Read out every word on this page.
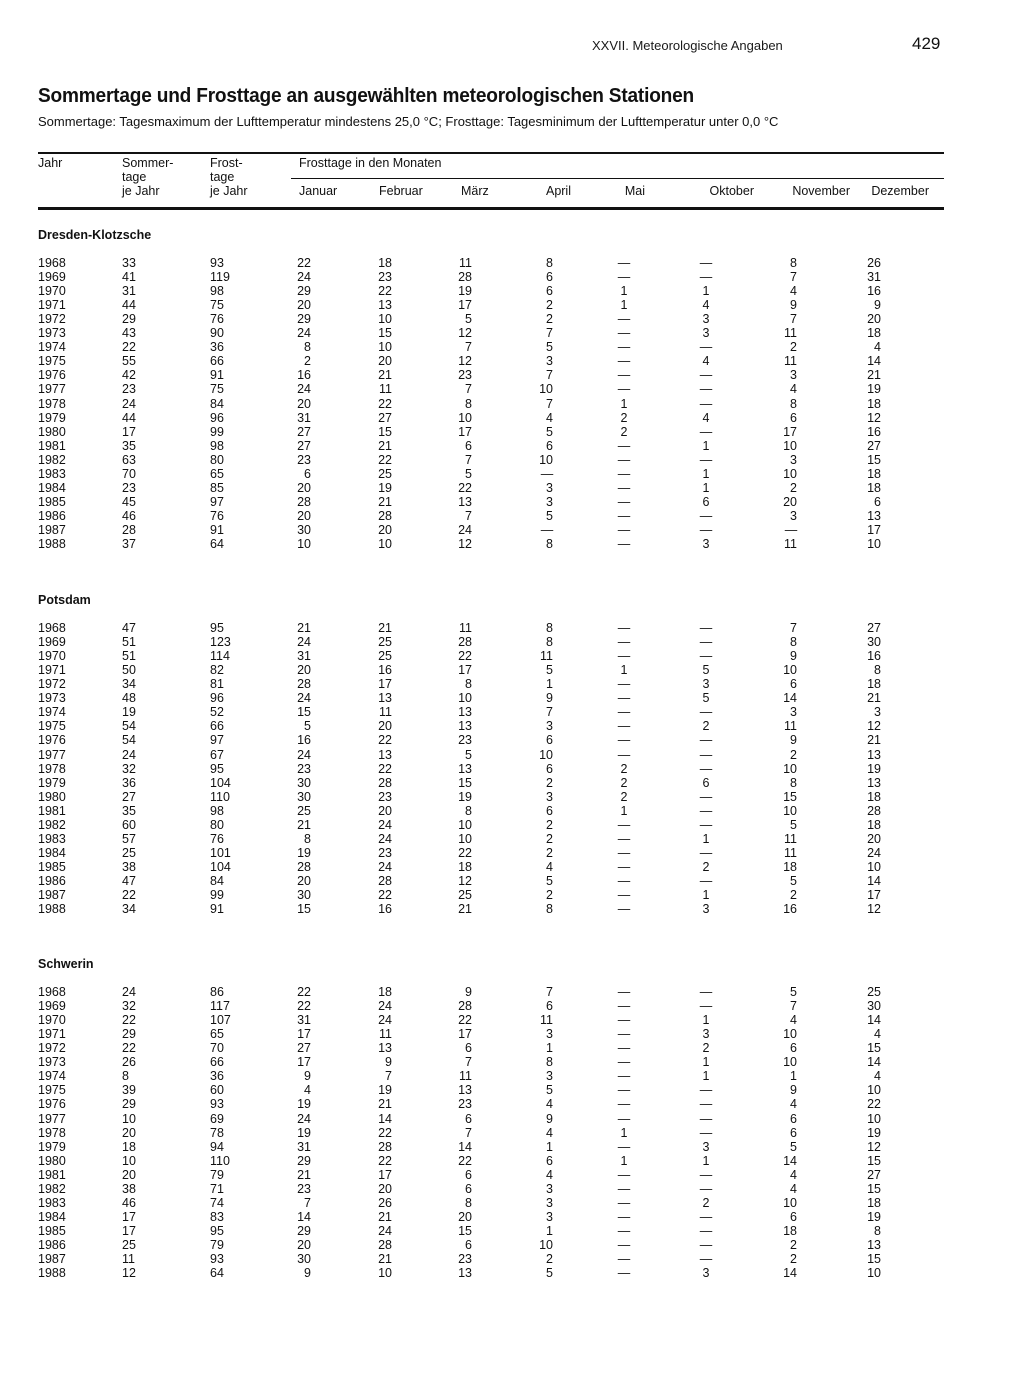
XXVII. Meteorologische Angaben	429
Sommertage und Frosttage an ausgewählten meteorologischen Stationen

Sommertage: Tagesmaximum der Lufttemperatur mindestens 25,0 °C; Frosttage: Tagesminimum der Lufttemperatur unter 0,0 °C

Jahr	Sommer-
tage
je Jahr
Frost-
tage
je Jahr
Frosttage in den Monaten
Januar	Februar	März	April	Mai	Oktober	November Dezember
Dresden-Klotzsche
1968	33	93	22	18	11	8	—	—	8	26
1969	41	119	24	23	28	6	—	—	7	31
1970	31	98	29	22	19	6	1	1	4	16
1971	44	75	20	13	17	2	1	4	9	9
1972	29	76	29	10	5	2	—	3	7	20
1973	43	90	24	15	12	7	—	3	11	18
1974	22	36	8	10	7	5	—	—	2	4
1975	55	66	2	20	12	3	—	4	11	14
1976	42	91	16	21	23	7	—	—	3	21
1977	23	75	24	11	7	10	—	—	4	19
1978	24	84	20	22	8	7	1	—	8	18
1979	44	96	31	27	10	4	2	4	6	12
1980	17	99	27	15	17	5	2	—	17	16
1981	35	98	27	21	6	6	—	1	10	27
1982	63	80	23	22	7	10	—	—	3	15
1983	70	65	6	25	5	—	—	1	10	18
1984	23	85	20	19	22	3	—	1	2	18
1985	45	97	28	21	13	3	—	6	20	6
1986	46	76	20	28	7	5	—	—	3	13
1987	28	91	30	20	24	—	—	—	—	17
1988	37	64	10	10	12	8	—	3	11	10
Potsdam
1968	47	95	21	21	11	8	—	—	7	27
1969	51	123	24	25	28	8	—	—	8	30
1970	51	114	31	25	22	11	—	—	9	16
1971	50	82	20	16	17	5	1	5	10	8
1972	34	81	28	17	8	1	—	3	6	18
1973	48	96	24	13	10	9	—	5	14	21
1974	19	52	15	11	13	7	—	—	3	3
1975	54	66	5	20	13	3	—	2	11	12
1976	54	97	16	22	23	6	—	—	9	21
1977	24	67	24	13	5	10	—	—	2	13
1978	32	95	23	22	13	6	2	—	10	19
1979	36	104	30	28	15	2	2	6	8	13
1980	27	110	30	23	19	3	2	—	15	18
1981	35	98	25	20	8	6	1	—	10	28
1982	60	80	21	24	10	2	—	—	5	18
1983	57	76	8	24	10	2	—	1	11	20
1984	25	101	19	23	22	2	—	—	11	24
1985	38	104	28	24	18	4	—	2	18	10
1986	47	84	20	28	12	5	—	—	5	14
1987	22	99	30	22	25	2	—	1	2	17
1988	34	91	15	16	21	8	—	3	16	12
Schwerin
1968	24	86	22	18	9	7	—	—	5	25
1969	32	117	22	24	28	6	—	—	7	30
1970	22	107	31	24	22	11	—	1	4	14
1971	29	65	17	11	17	3	—	3	10	4
1972	22	70	27	13	6	1	—	2	6	15
1973	26	66	17	9	7	8	—	1	10	14
1974	8	36	9	7	11	3	—	1	1	4
1975	39	60	4	19	13	5	—	—	9	10
1976	29	93	19	21	23	4	—	—	4	22
1977	10	69	24	14	6	9	—	—	6	10
1978	20	78	19	22	7	4	1	—	6	19
1979	18	94	31	28	14	1	—	3	5	12
1980	10	110	29	22	22	6	1	1	14	15
1981	20	79	21	17	6	4	—	—	4	27
1982	38	71	23	20	6	3	—	—	4	15
1983	46	74	7	26	8	3	—	2	10	18
1984	17	83	14	21	20	3	—	—	6	19
1985	17	95	29	24	15	1	—	—	18	8
1986	25	79	20	28	6	10	—	—	2	13
1987	11	93	30	21	23	2	—	—	2	15
1988	12	64	9	10	13	5	—	3	14	10
